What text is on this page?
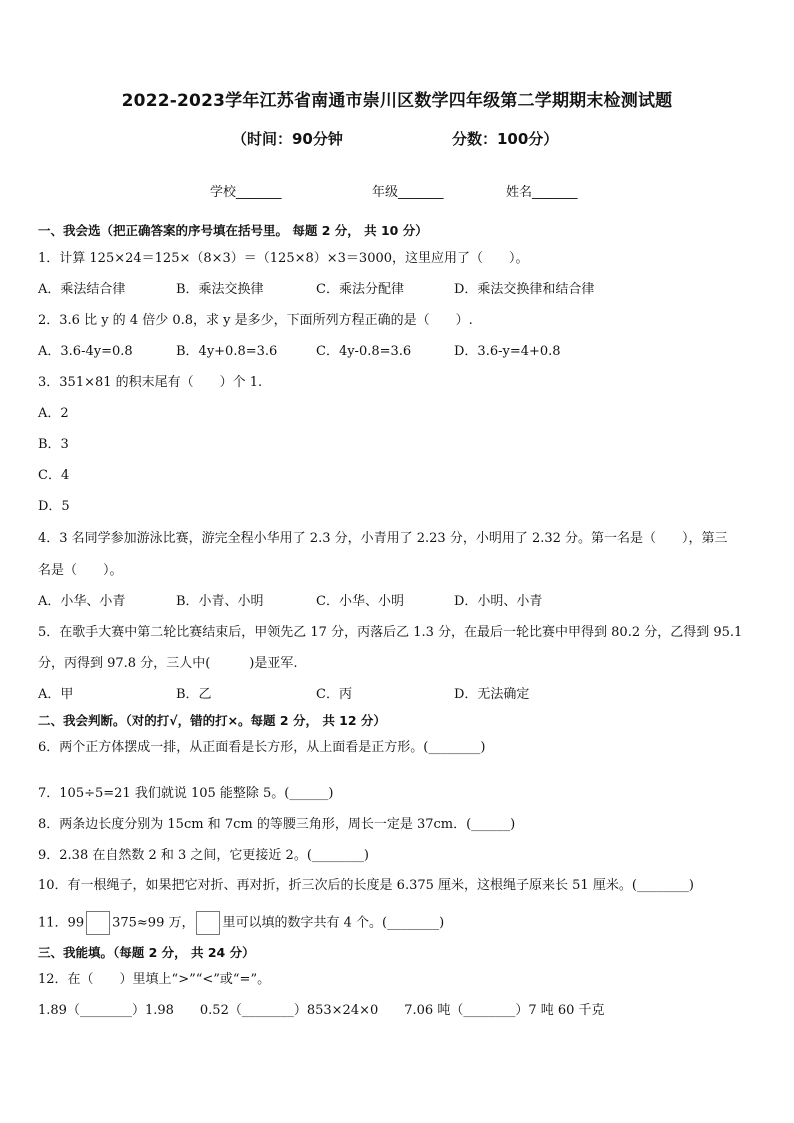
2022-2023学年江苏省南通市崇川区数学四年级第二学期期末检测试题
（时间：90分钟	分数：100分）
学校_______	年级_______	姓名_______
一、我会选（把正确答案的序号填在括号里。 每题 2 分， 共 10 分）
1．计算 125×24＝125×（8×3）＝（125×8）×3＝3000，这里应用了（　　）。
A．乘法结合律	B．乘法交换律	C．乘法分配律	D．乘法交换律和结合律
2．3.6 比 y 的 4 倍少 0.8，求 y 是多少，下面所列方程正确的是（　　）.
A．3.6-4y=0.8	B．4y+0.8=3.6	C．4y-0.8=3.6	D．3.6-y=4+0.8
3．351×81 的积末尾有（　　）个 1.
A．2
B．3
C．4
D．5
4．3 名同学参加游泳比赛，游完全程小华用了 2.3 分，小青用了 2.23 分，小明用了 2.32 分。第一名是（　　），第三
名是（　　）。
A．小华、小青	B．小青、小明	C．小华、小明	D．小明、小青
5．在歌手大赛中第二轮比赛结束后，甲领先乙 17 分，丙落后乙 1.3 分，在最后一轮比赛中甲得到 80.2 分，乙得到 95.1
分，丙得到 97.8 分，三人中(　　　)是亚军.
A．甲	B．乙	C．丙	D．无法确定
二、我会判断。（对的打√，错的打×。每题 2 分， 共 12 分）
6．两个正方体摆成一排，从正面看是长方形，从上面看是正方形。(________)
7．105÷5=21 我们就说 105 能整除 5。(______)
8．两条边长度分别为 15cm 和 7cm 的等腰三角形，周长一定是 37cm．(______)
9．2.38 在自然数 2 和 3 之间，它更接近 2。(________)
10．有一根绳子，如果把它对折、再对折，折三次后的长度是 6.375 厘米，这根绳子原来长 51 厘米。(________)
11．99 375≈99 万， 里可以填的数字共有 4 个。(________)
三、我能填。（每题 2 分， 共 24 分）
12．在（　　）里填上“>”“<”或“=”。
1.89（________）1.98　　0.52（________）853×24×0　　7.06 吨（________）7 吨 60 千克
